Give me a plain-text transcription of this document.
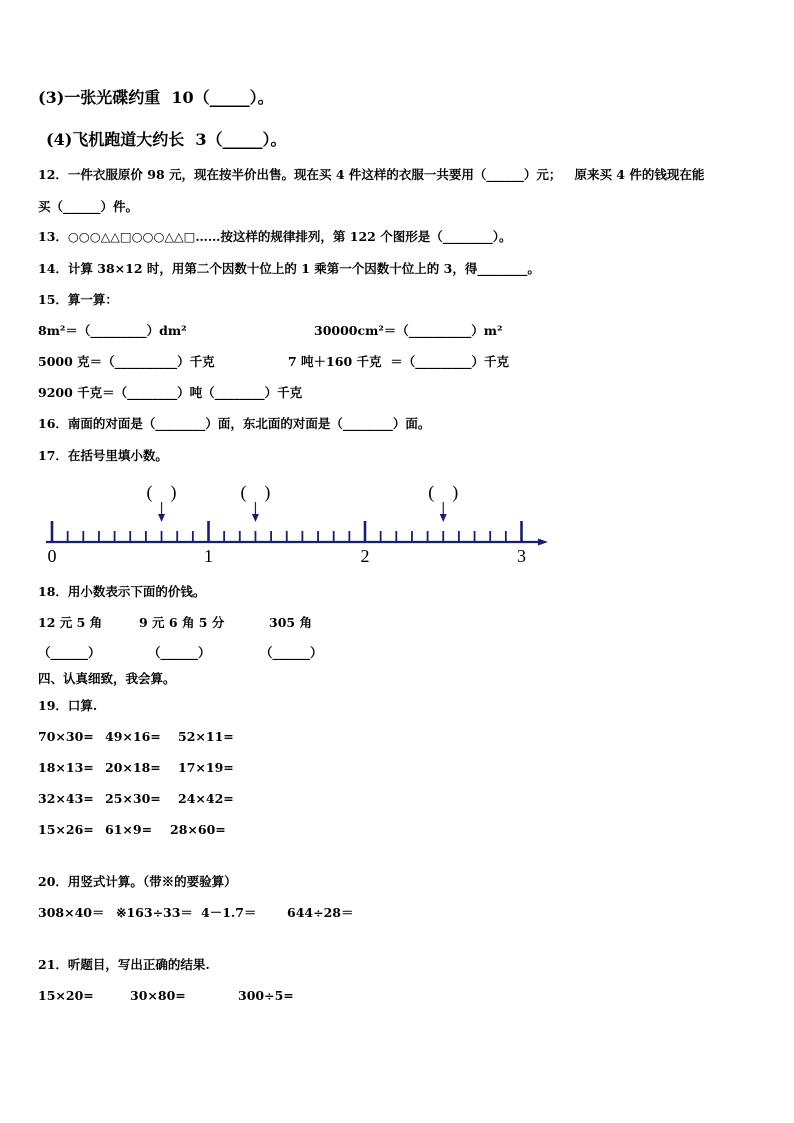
(3)一张光碟约重  10（_____）。
(4)飞机跑道大约长  3（_____）。
12．一件衣服原价 98 元，现在按半价出售。现在买 4 件这样的衣服一共要用（______）元；   原来买 4 件的钱现在能
买（______）件。
13．○○○△△□○○○△△□……按这样的规律排列，第 122 个图形是（________）。
14．计算 38×12 时，用第二个因数十位上的 1 乘第一个因数十位上的 3，得________。
15．算一算：
8m²＝（_________）dm²	30000cm²＝（__________）m²
5000 克＝（__________）千克	7 吨＋160 千克  ＝（_________）千克
9200 千克＝（________）吨（________）千克
16．南面的对面是（________）面，东北面的对面是（________）面。
17．在括号里填小数。
0	1	2	3
(    )	(    )	(    )
18．用小数表示下面的价钱。
12 元 5 角	9 元 6 角 5 分	305 角
（______）	（______）	（______）
四、认真细致，我会算。
19．口算.
70×30= 49×16= 52×11=
18×13= 20×18= 17×19=
32×43= 25×30= 24×42=
15×26= 61×9= 28×60=
20．用竖式计算。（带※的要验算）
308×40＝ ※163÷33＝ 4－1.7＝ 644÷28＝
21．听题目，写出正确的结果.
15×20=	30×80=	300÷5=
